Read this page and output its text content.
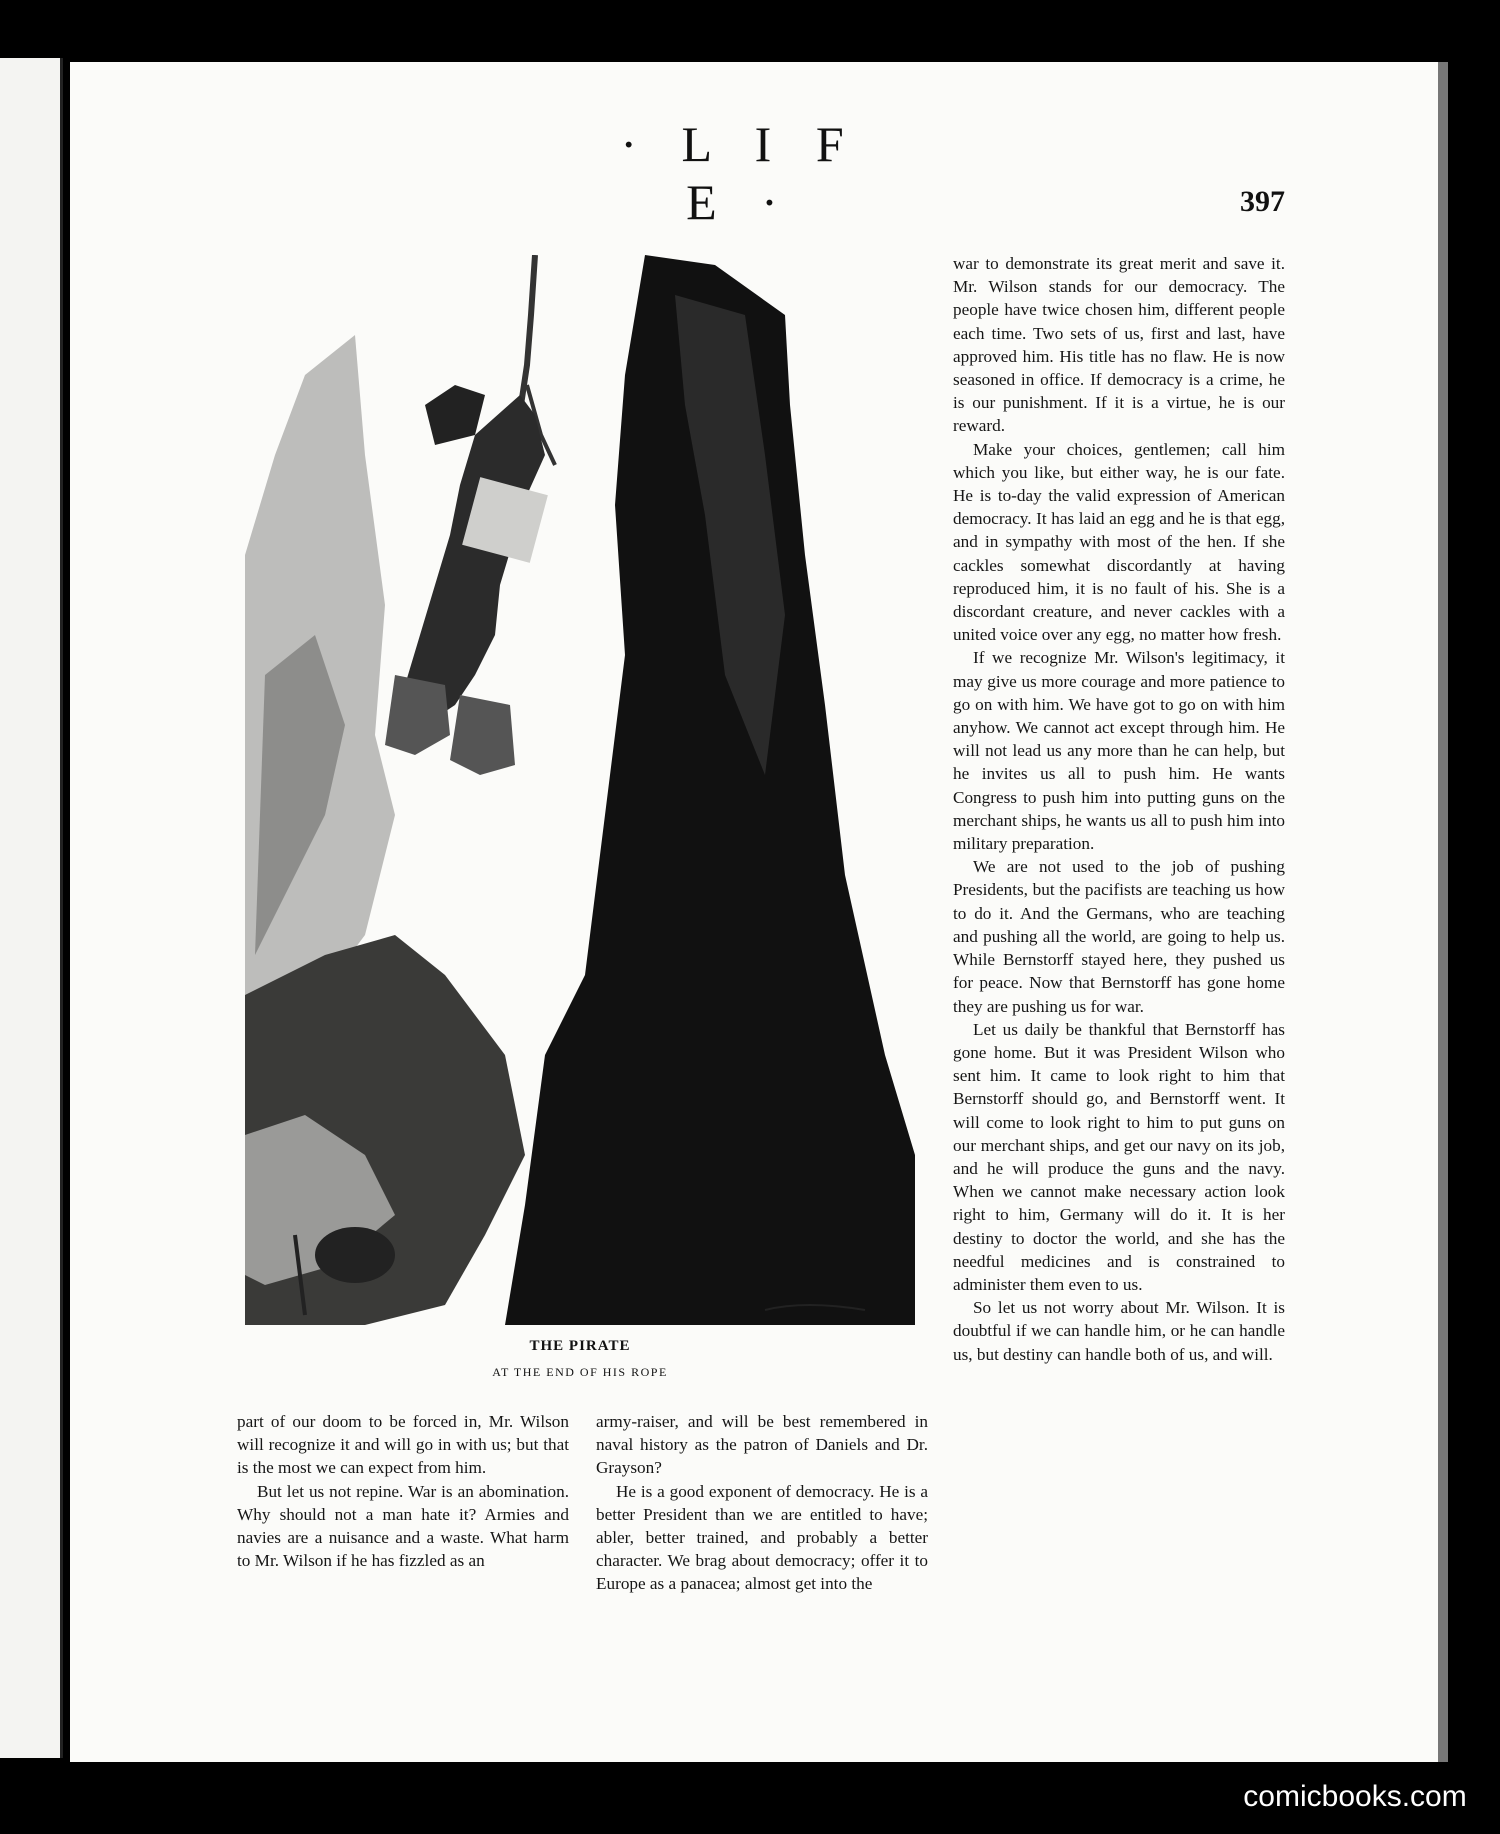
· L I F E ·	397
THE PIRATE
AT THE END OF HIS ROPE

war to demonstrate its great merit and save it. Mr. Wilson stands for our democracy. The people have twice chosen him, different people each time. Two sets of us, first and last, have approved him. His title has no flaw. He is now seasoned in office. If democracy is a crime, he is our punishment. If it is a virtue, he is our reward.

Make your choices, gentlemen; call him which you like, but either way, he is our fate. He is to-day the valid expression of American democracy. It has laid an egg and he is that egg, and in sympathy with most of the hen. If she cackles somewhat discordantly at having reproduced him, it is no fault of his. She is a discordant creature, and never cackles with a united voice over any egg, no matter how fresh.

If we recognize Mr. Wilson's legitimacy, it may give us more courage and more patience to go on with him. We have got to go on with him anyhow. We cannot act except through him. He will not lead us any more than he can help, but he invites us all to push him. He wants Congress to push him into putting guns on the merchant ships, he wants us all to push him into military preparation.

We are not used to the job of pushing Presidents, but the pacifists are teaching us how to do it. And the Germans, who are teaching and pushing all the world, are going to help us. While Bernstorff stayed here, they pushed us for peace. Now that Bernstorff has gone home they are pushing us for war.

Let us daily be thankful that Bernstorff has gone home. But it was President Wilson who sent him. It came to look right to him that Bernstorff should go, and Bernstorff went. It will come to look right to him to put guns on our merchant ships, and get our navy on its job, and he will produce the guns and the navy. When we cannot make necessary action look right to him, Germany will do it. It is her destiny to doctor the world, and she has the needful medicines and is constrained to administer them even to us.

So let us not worry about Mr. Wilson. It is doubtful if we can handle him, or he can handle us, but destiny can handle both of us, and will.

part of our doom to be forced in, Mr. Wilson will recognize it and will go in with us; but that is the most we can expect from him.

But let us not repine. War is an abomination. Why should not a man hate it? Armies and navies are a nuisance and a waste. What harm to Mr. Wilson if he has fizzled as an

army-raiser, and will be best remembered in naval history as the patron of Daniels and Dr. Grayson?

He is a good exponent of democracy. He is a better President than we are entitled to have; abler, better trained, and probably a better character. We brag about democracy; offer it to Europe as a panacea; almost get into the

comicbooks.com
